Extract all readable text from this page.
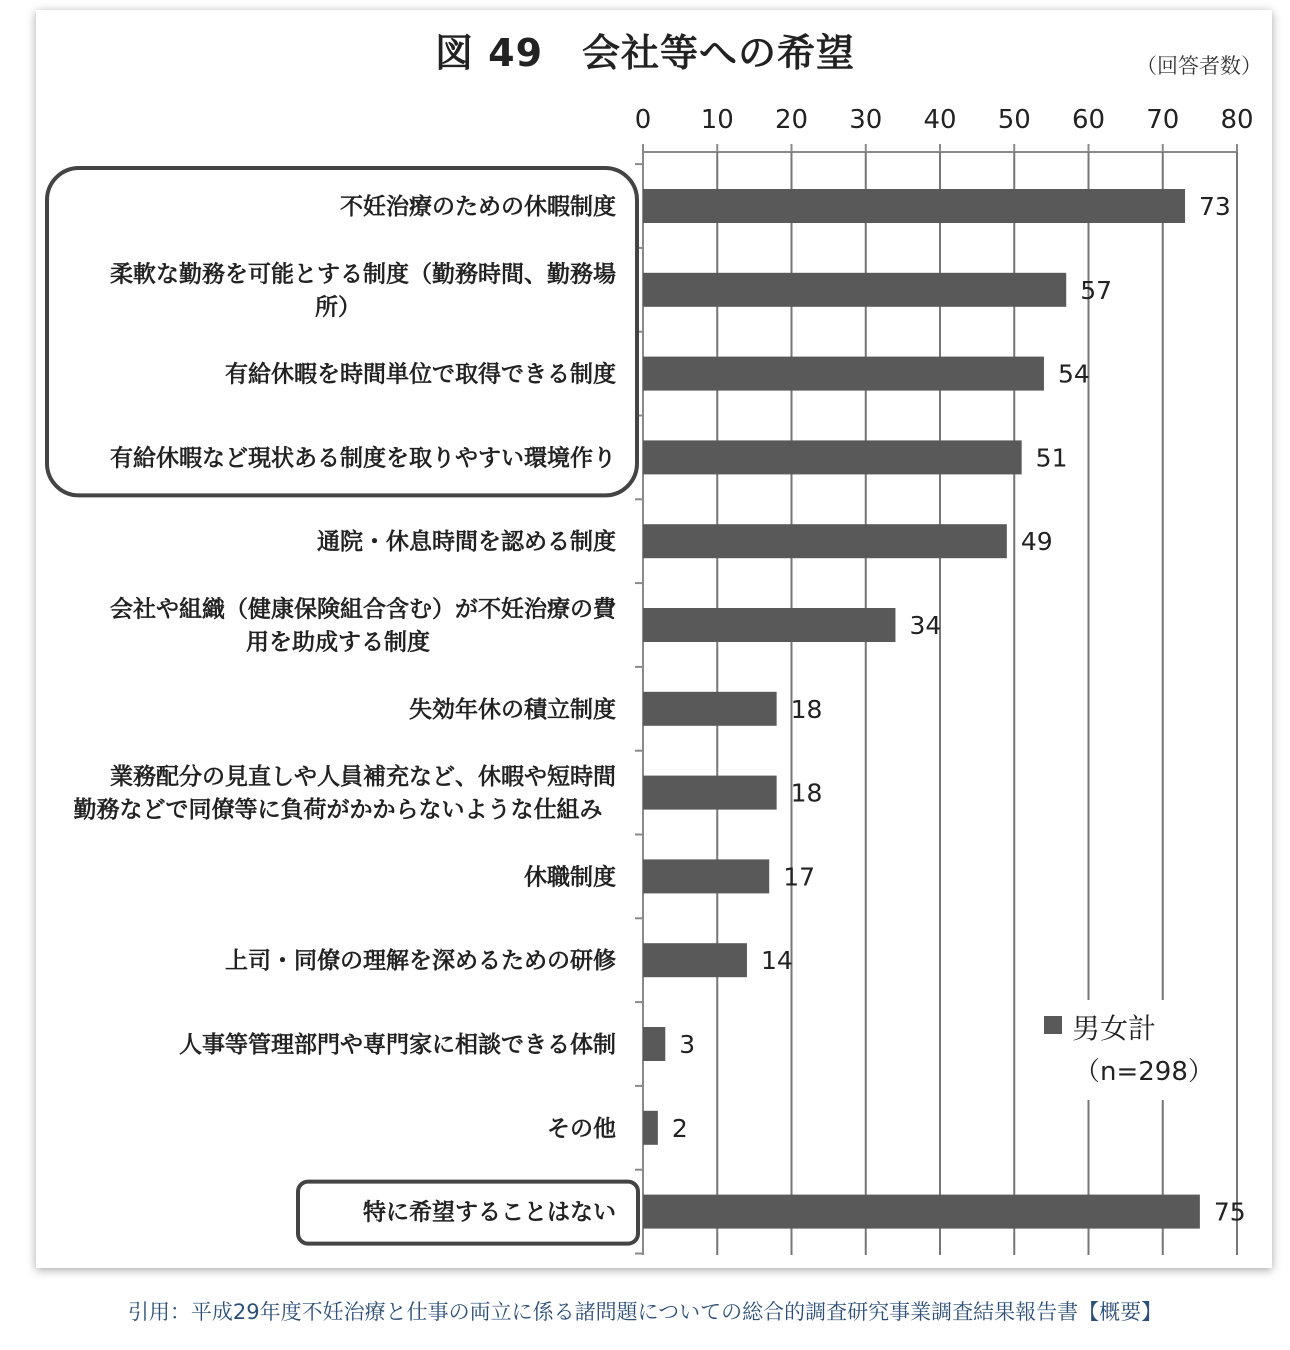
図 49　会社等への希望	（回答者数）
0 10 20 30 40 50 60 70 80
73
不妊治療のための休暇制度
57
柔軟な勤務を可能とする制度（勤務時間、勤務場
所）
54
有給休暇を時間単位で取得できる制度
51
有給休暇など現状ある制度を取りやすい環境作り
49
通院・休息時間を認める制度
34
会社や組織（健康保険組合含む）が不妊治療の費
用を助成する制度
18
失効年休の積立制度
18
業務配分の見直しや人員補充など、休暇や短時間
勤務などで同僚等に負荷がかからないような仕組み
17
休職制度
14
上司・同僚の理解を深めるための研修
3
人事等管理部門や専門家に相談できる体制
2
その他
75
特に希望することはない
男女計
（n=298）
引用：平成29年度不妊治療と仕事の両立に係る諸問題についての総合的調査研究事業調査結果報告書【概要】
